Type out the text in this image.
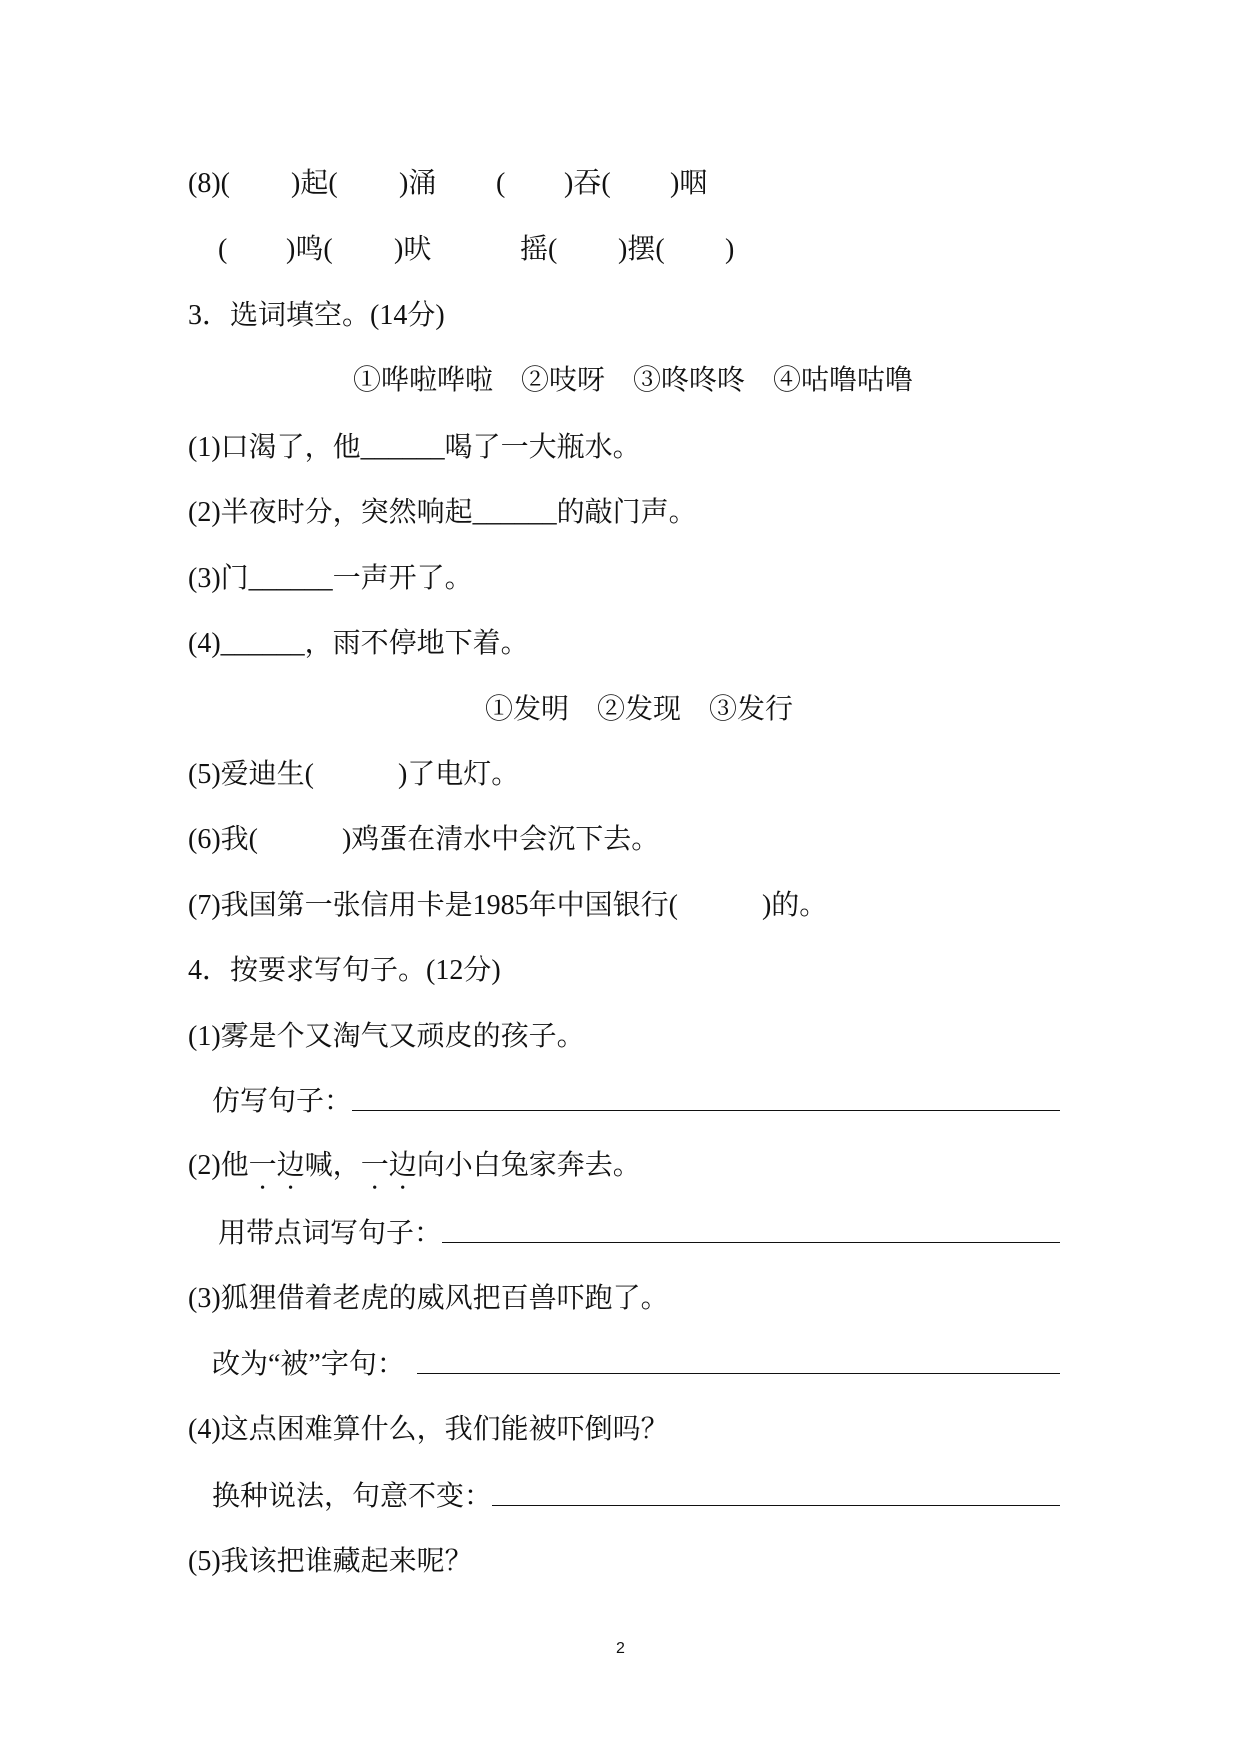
(8)( )起( )涌 ( )吞( )咽
( )鸣( )吠	摇( )摆( )
3．选词填空。(14分)
①哗啦哗啦　②吱呀　③咚咚咚　④咕噜咕噜
(1)口渴了，他______喝了一大瓶水。
(2)半夜时分，突然响起______的敲门声。
(3)门______一声开了。
(4)______，雨不停地下着。
①发明　②发现　③发行
(5)爱迪生(　　　)了电灯。
(6)我(　　　)鸡蛋在清水中会沉下去。
(7)我国第一张信用卡是1985年中国银行(　　　)的。
4．按要求写句子。(12分)
(1)雾是个又淘气又顽皮的孩子。
仿写句子：
(2)他一边喊，一边向小白兔家奔去。
用带点词写句子：
(3)狐狸借着老虎的威风把百兽吓跑了。
改为“被”字句：
(4)这点困难算什么，我们能被吓倒吗？
换种说法，句意不变：
(5)我该把谁藏起来呢？
2
